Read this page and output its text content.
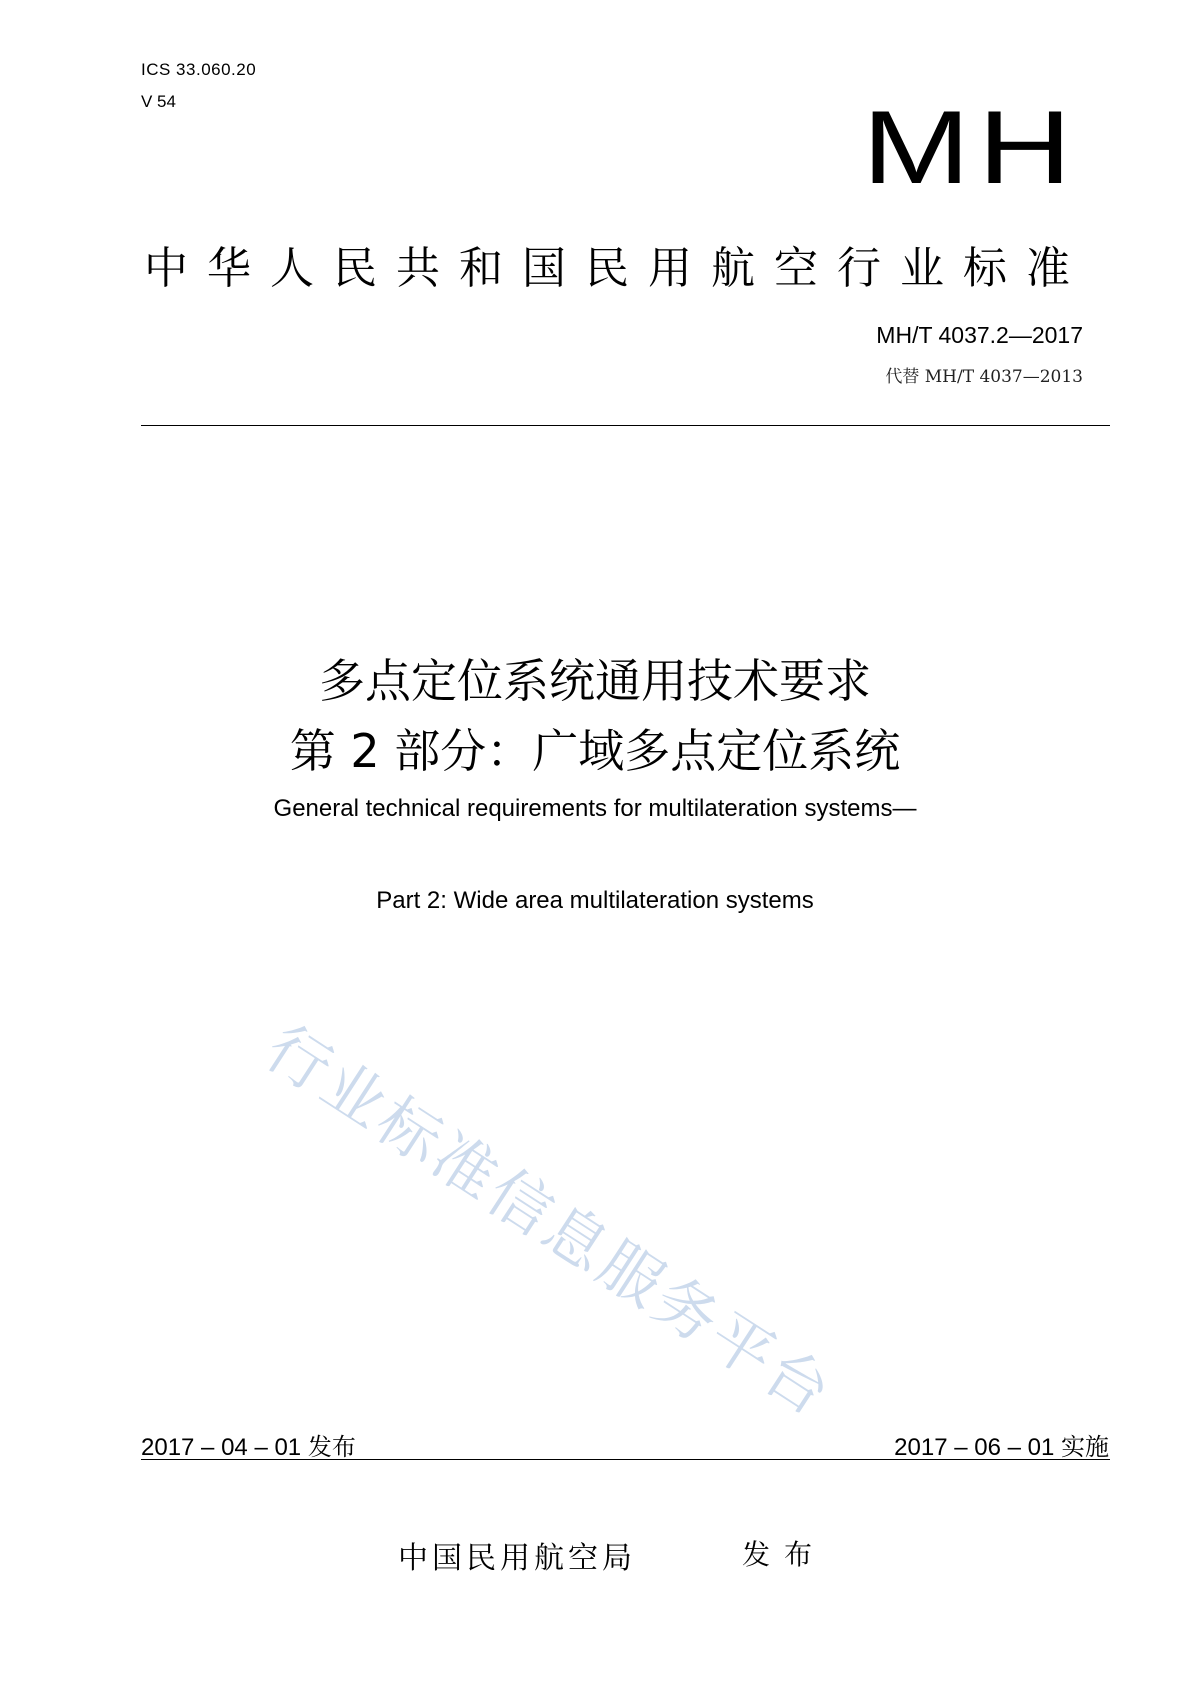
ICS 33.060.20
V 54	MH
中华人民共和国民用航空行业标准
MH/T 4037.2—2017
代替 MH/T 4037—2013
多点定位系统通用技术要求
第 2 部分：广域多点定位系统
General technical requirements for multilateration systems—
Part 2: Wide area multilateration systems
行业标准信息服务平台
2017 – 04 – 01 发布	2017 – 06 – 01 实施
中国民用航空局	发布
